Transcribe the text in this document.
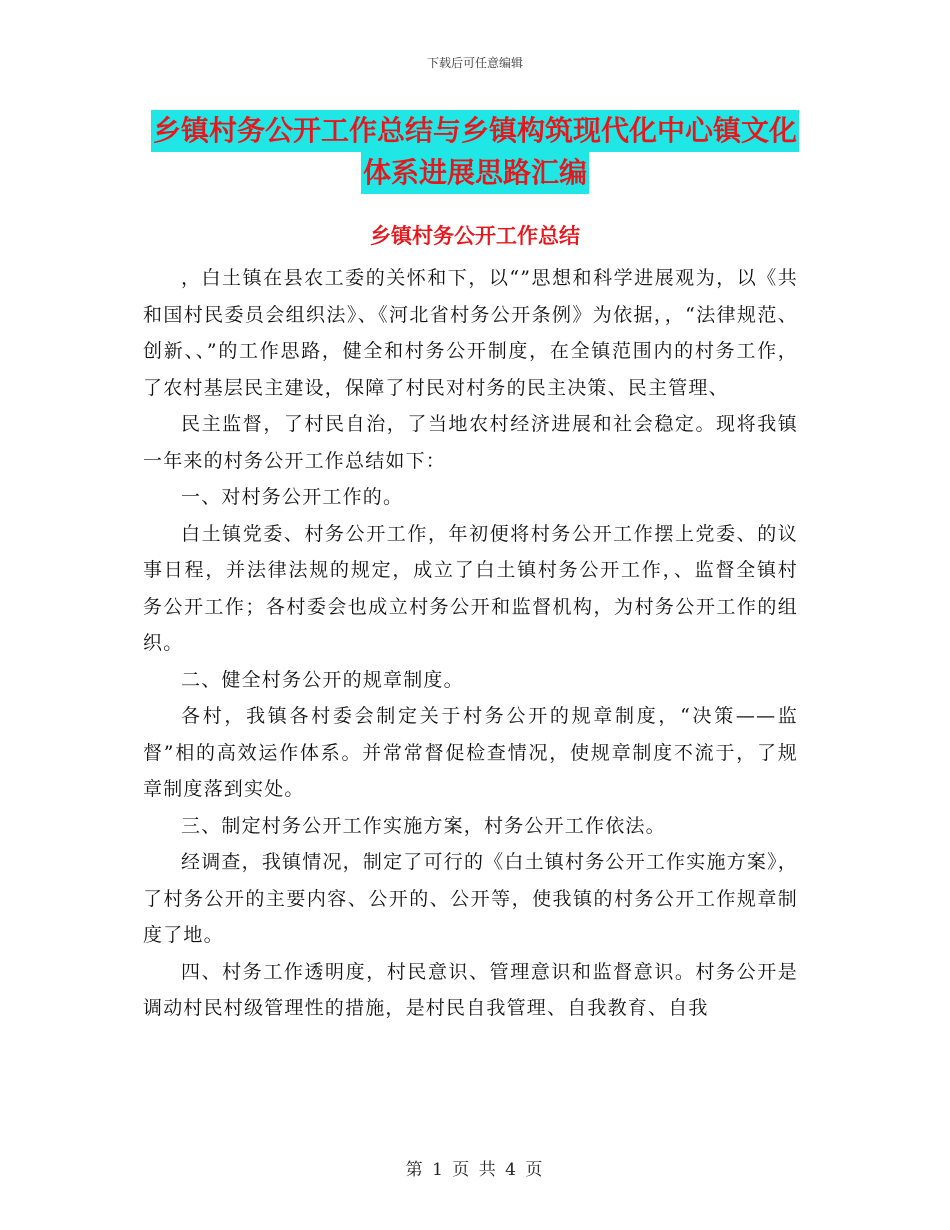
下载后可任意编辑
乡镇村务公开工作总结与乡镇构筑现代化中心镇文化
体系进展思路汇编
乡镇村务公开工作总结

，白土镇在县农工委的关怀和下，以“”思想和科学进展观为，以《共和国村民委员会组织法》、《河北省村务公开条例》为依据，，“法律规范、创新、、”的工作思路，健全和村务公开制度，在全镇范围内的村务工作，了农村基层民主建设，保障了村民对村务的民主决策、民主管理、

民主监督，了村民自治，了当地农村经济进展和社会稳定。现将我镇一年来的村务公开工作总结如下：

一、对村务公开工作的。

白土镇党委、村务公开工作，年初便将村务公开工作摆上党委、的议事日程，并法律法规的规定，成立了白土镇村务公开工作，、监督全镇村务公开工作；各村委会也成立村务公开和监督机构，为村务公开工作的组织。

二、健全村务公开的规章制度。

各村，我镇各村委会制定关于村务公开的规章制度，“决策——监督”相的高效运作体系。并常常督促检查情况，使规章制度不流于，了规章制度落到实处。

三、制定村务公开工作实施方案，村务公开工作依法。

经调查，我镇情况，制定了可行的《白土镇村务公开工作实施方案》，了村务公开的主要内容、公开的、公开等，使我镇的村务公开工作规章制度了地。

四、村务工作透明度，村民意识、管理意识和监督意识。村务公开是调动村民村级管理性的措施，是村民自我管理、自我教育、自我

第 1 页 共 4 页
